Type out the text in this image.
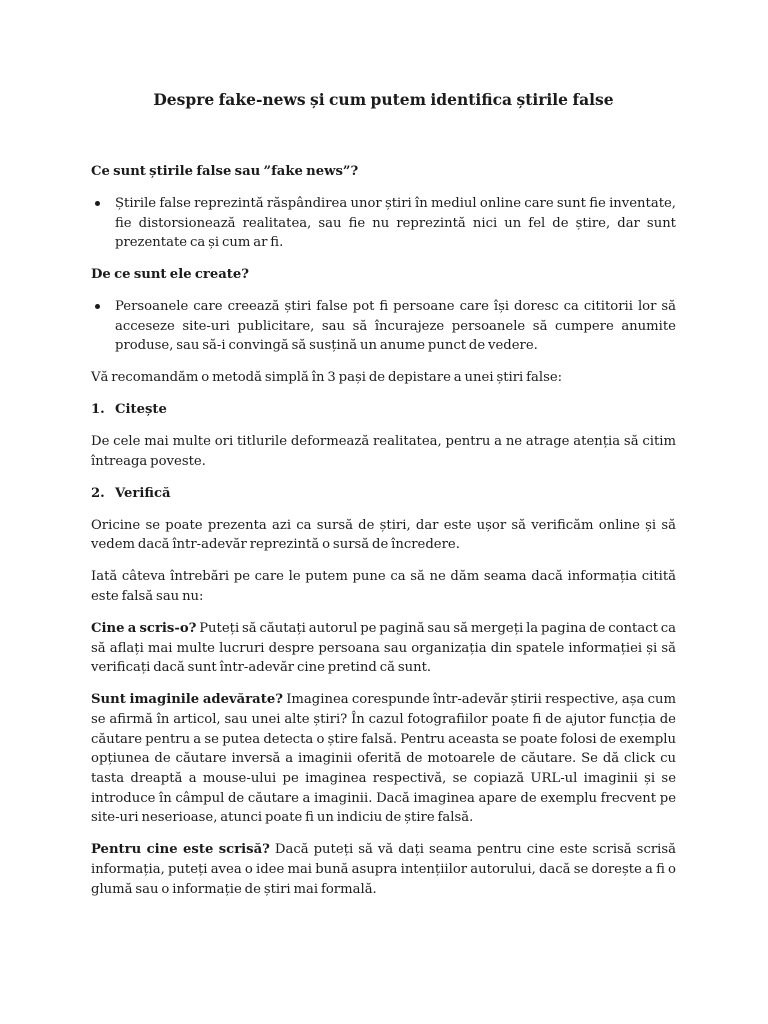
Despre fake-news și cum putem identifica știrile false
Ce sunt știrile false sau ”fake news”?
Știrile false reprezintă răspândirea unor știri în mediul online care sunt fie inventate,
fie distorsionează realitatea, sau fie nu reprezintă nici un fel de știre, dar sunt
prezentate ca și cum ar fi.
De ce sunt ele create?
Persoanele care creează știri false pot fi persoane care își doresc ca cititorii lor să
acceseze site-uri publicitare, sau să încurajeze persoanele să cumpere anumite
produse, sau să-i convingă să susțină un anume punct de vedere.
Vă recomandăm o metodă simplă în 3 pași de depistare a unei știri false:
1. Citește
De cele mai multe ori titlurile deformează realitatea, pentru a ne atrage atenția să citim
întreaga poveste.
2. Verifică
Oricine se poate prezenta azi ca sursă de știri, dar este ușor să verificăm online și să
vedem dacă într-adevăr reprezintă o sursă de încredere.
Iată câteva întrebări pe care le putem pune ca să ne dăm seama dacă informația citită
este falsă sau nu:
Cine a scris-o? Puteți să căutați autorul pe pagină sau să mergeți la pagina de contact ca
să aflați mai multe lucruri despre persoana sau organizația din spatele informației și să
verificați dacă sunt într-adevăr cine pretind că sunt.
Sunt imaginile adevărate? Imaginea corespunde într-adevăr știrii respective, așa cum
se afirmă în articol, sau unei alte știri? În cazul fotografiilor poate fi de ajutor funcția de
căutare pentru a se putea detecta o știre falsă. Pentru aceasta se poate folosi de exemplu
opțiunea de căutare inversă a imaginii oferită de motoarele de căutare. Se dă click cu
tasta dreaptă a mouse-ului pe imaginea respectivă, se copiază URL-ul imaginii și se
introduce în câmpul de căutare a imaginii. Dacă imaginea apare de exemplu frecvent pe
site-uri neserioase, atunci poate fi un indiciu de știre falsă.
Pentru cine este scrisă? Dacă puteți să vă dați seama pentru cine este scrisă scrisă
informația, puteți avea o idee mai bună asupra intențiilor autorului, dacă se dorește a fi o
glumă sau o informație de știri mai formală.
